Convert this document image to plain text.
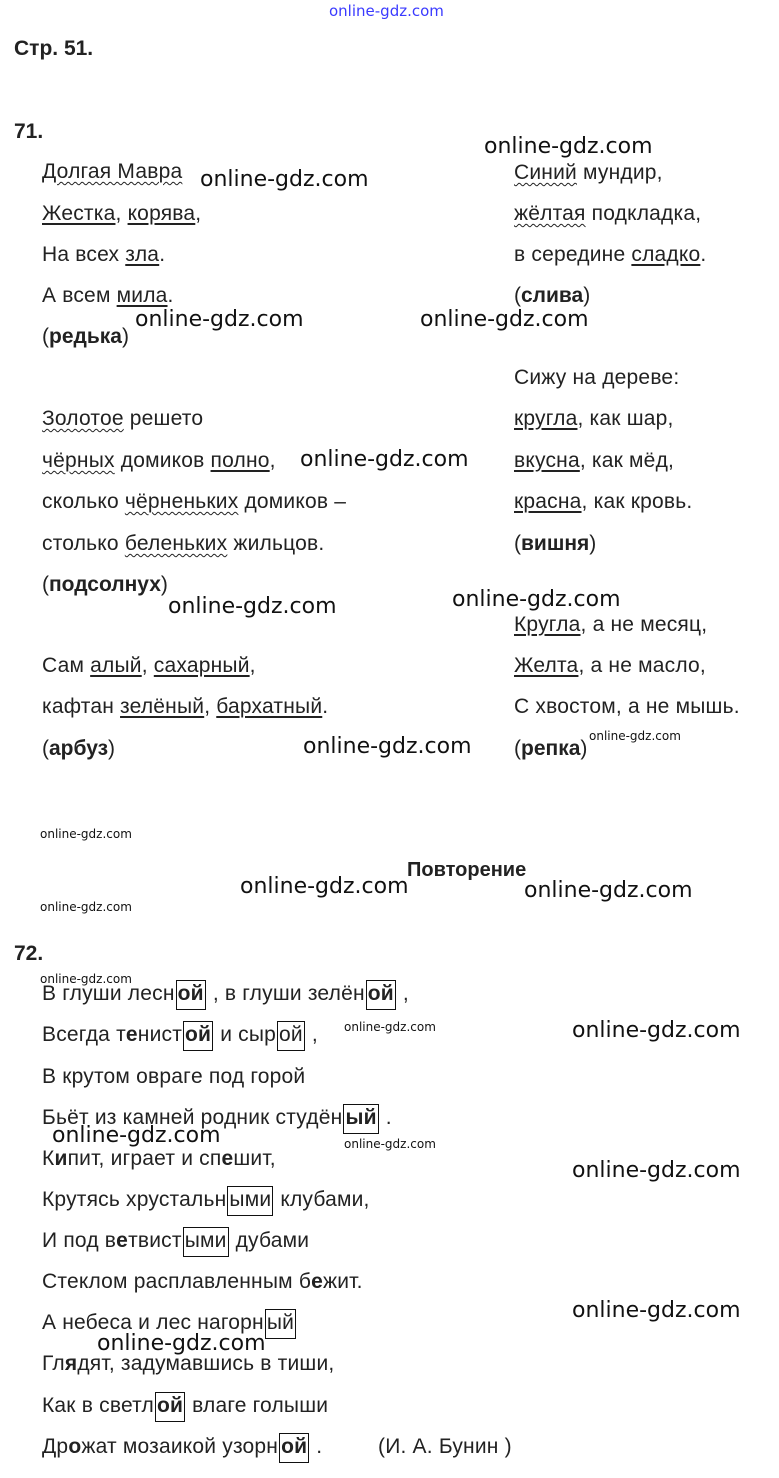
online-gdz.com
Стр. 51.
71.
Долгая Мавра
Жестка, корява,
На всех зла.
А всем мила.
(редька)
Золотое решето
чёрных домиков полно,
сколько чёрненьких домиков –
столько беленьких жильцов.
(подсолнух)
Сам алый, сахарный,
кафтан зелёный, бархатный.
(арбуз)
Синий мундир,
жёлтая подкладка,
в середине сладко.
(слива)
Сижу на дереве:
кругла, как шар,
вкусна, как мёд,
красна, как кровь.
(вишня)
Кругла, а не месяц,
Желта, а не масло,
С хвостом, а не мышь.
(репка)
Повторение
72.
В глуши лесн ой , в глуши зелён ой ,
Всегда тенист ой и сыр ой ,
В крутом оврагe под горой
Бьёт из камней родник студён ый .
Кипит, играет и спешит,
Крутясь хрустальн ыми клубами,
И под ветвист ыми дубами
Стеклом расплавленным бежит.
А небеса и лес нагорн ый
Глядят, задумавшись в тиши,
Как в светл ой влаге голыши
Дрожат мозаикой узорн ой .	(И. А. Бунин )
online-gdz.com
online-gdz.com
online-gdz.com	online-gdz.com
online-gdz.com
online-gdz.com
online-gdz.com
online-gdz.com
online-gdz.com	online-gdz.com
online-gdz.com
online-gdz.com
online-gdz.com
online-gdz.com
online-gdz.com
online-gdz.com
online-gdz.com
online-gdz.com
online-gdz.com
online-gdz.com
online-gdz.com
